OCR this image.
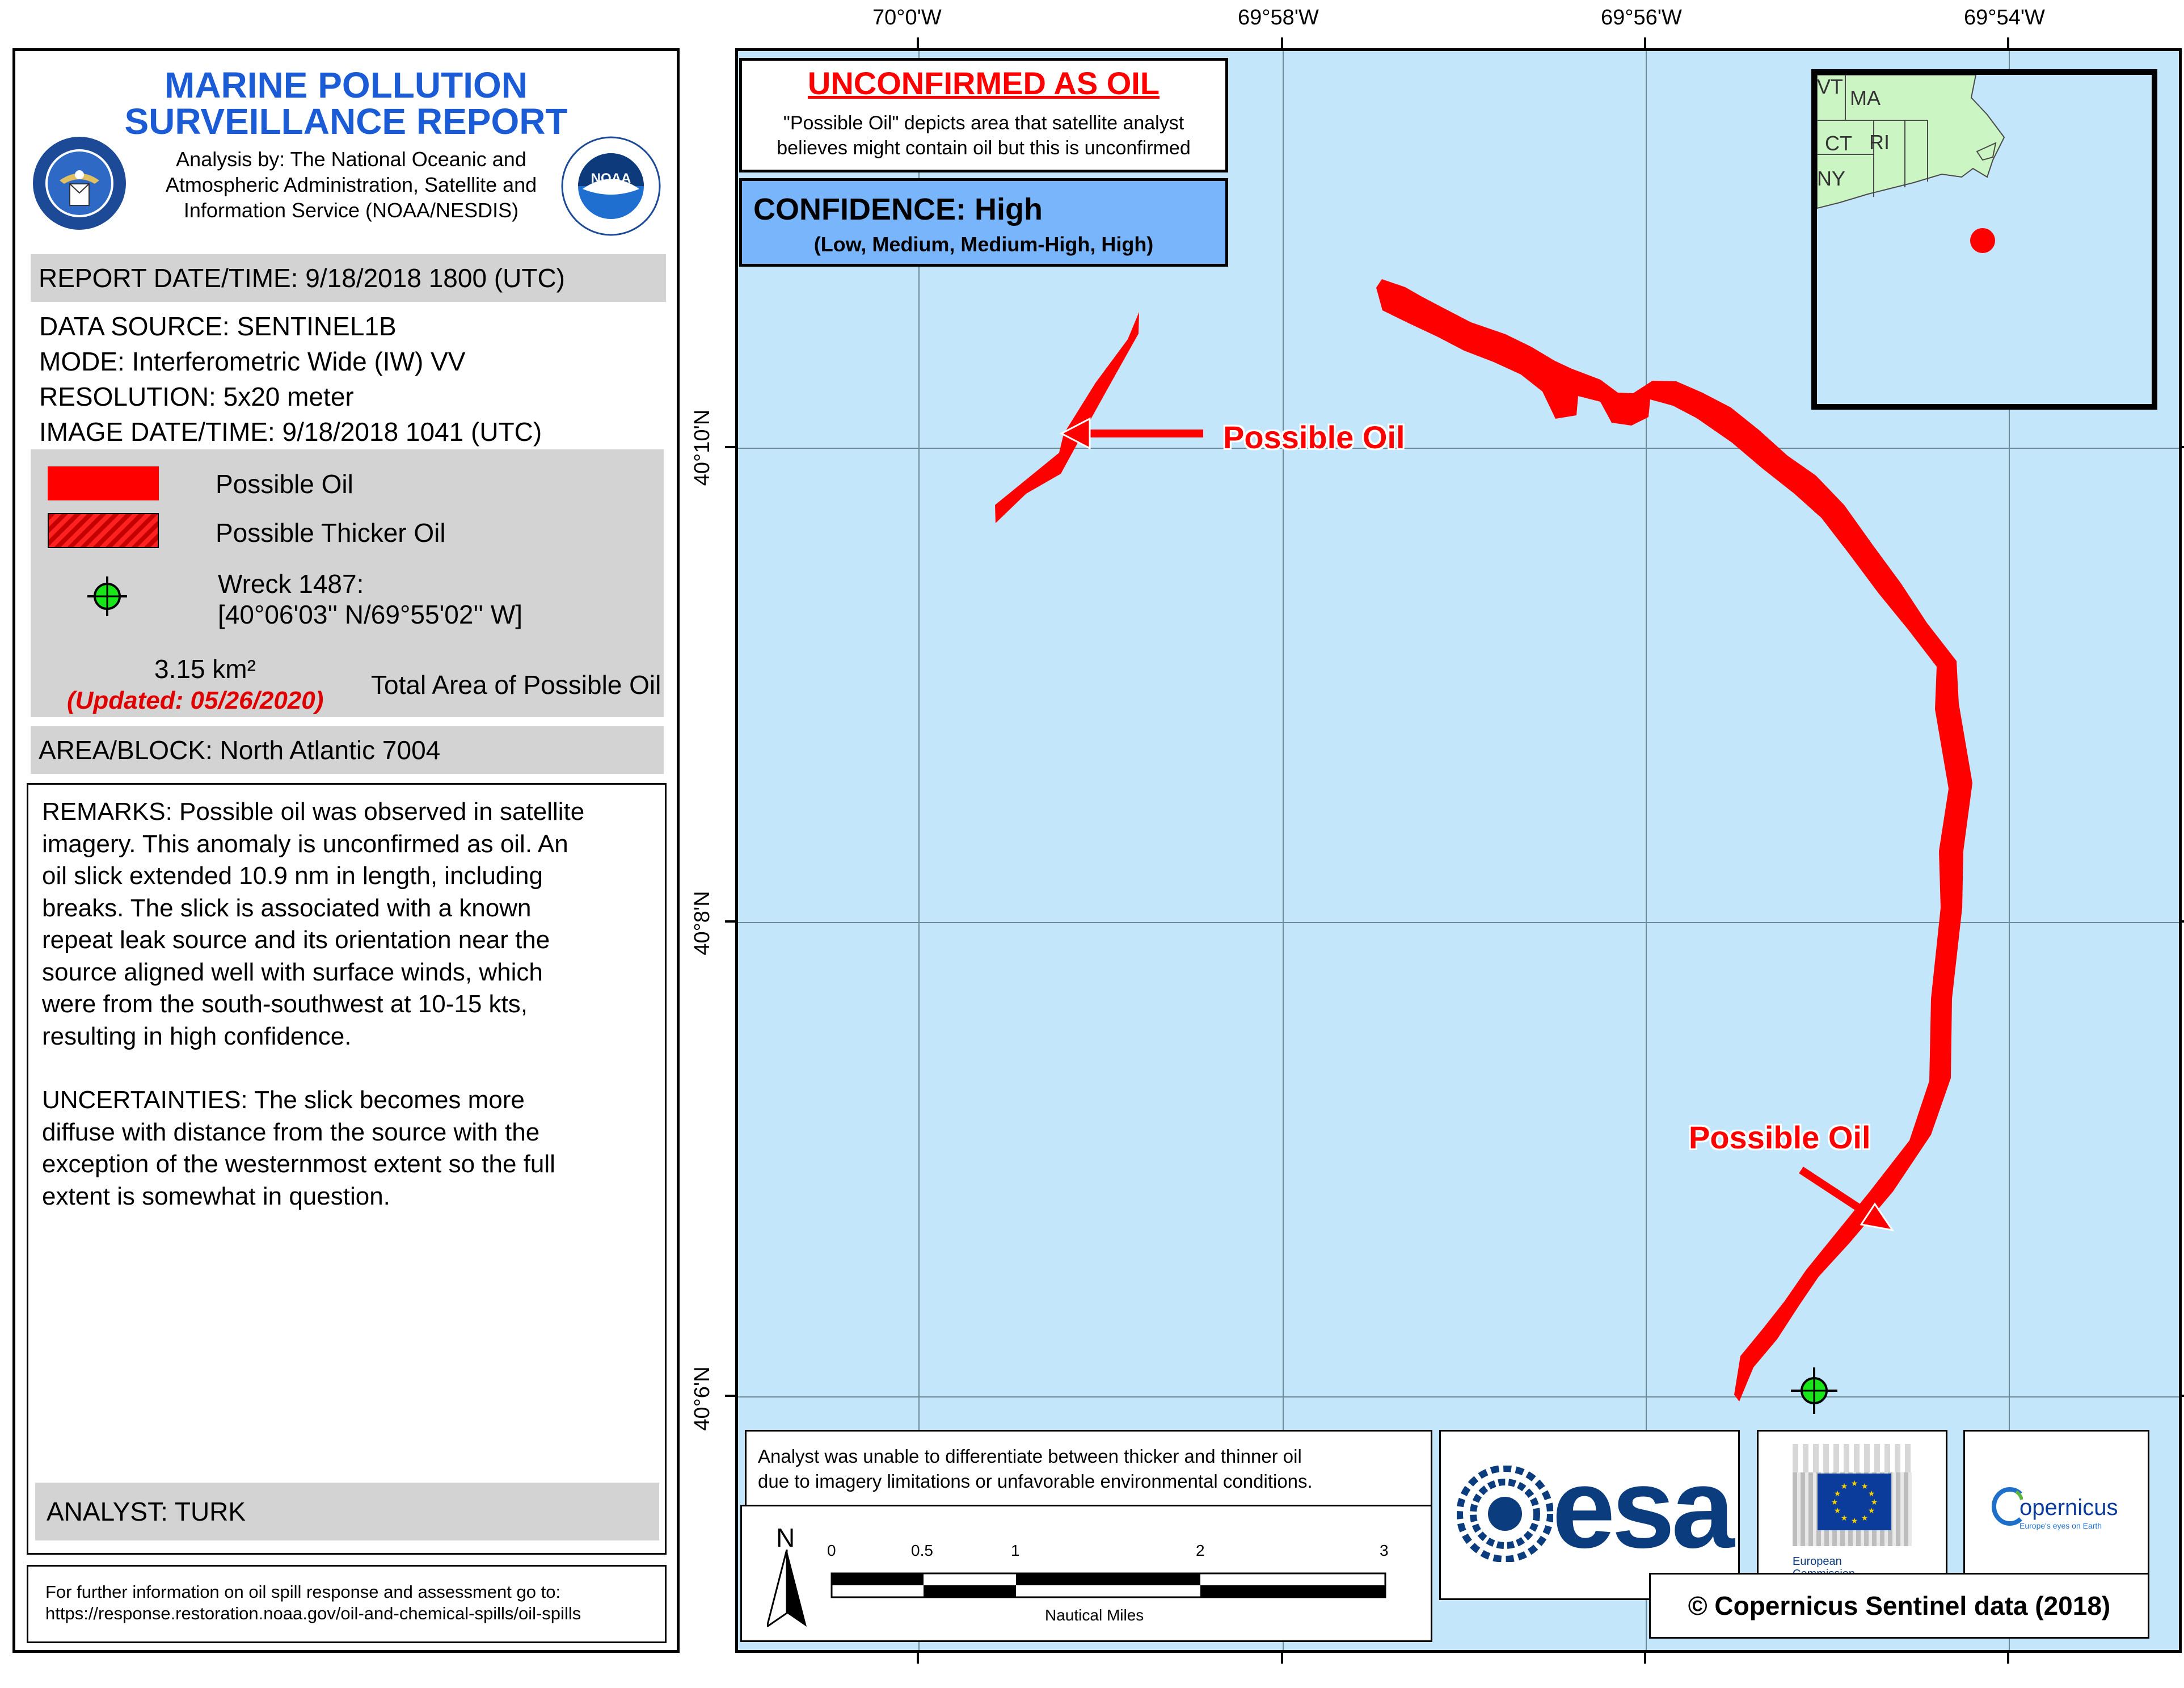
MARINE POLLUTION
SURVEILLANCE REPORT
Analysis by: The National Oceanic and
Atmospheric Administration, Satellite and
Information Service (NOAA/NESDIS)
NOAA
REPORT DATE/TIME: 9/18/2018 1800 (UTC)
DATA SOURCE: SENTINEL1B
MODE: Interferometric Wide (IW) VV
RESOLUTION: 5x20 meter
IMAGE DATE/TIME: 9/18/2018 1041 (UTC)
Possible Oil
Possible Thicker Oil
Wreck 1487:
[40°06'03'' N/69°55'02'' W]
3.15 km²
(Updated: 05/26/2020)
Total Area of Possible Oil
AREA/BLOCK: North Atlantic 7004
REMARKS: Possible oil was observed in satellite
imagery. This anomaly is unconfirmed as oil. An
oil slick extended 10.9 nm in length, including
breaks. The slick is associated with a known
repeat leak source and its orientation near the
source aligned well with surface winds, which
were from the south-southwest at 10-15 kts,
resulting in high confidence.
UNCERTAINTIES: The slick becomes more
diffuse with distance from the source with the
exception of the westernmost extent so the full
extent is somewhat in question.
ANALYST: TURK
For further information on oil spill response and assessment go to:
https://response.restoration.noaa.gov/oil-and-chemical-spills/oil-spills
70°0'W	69°58'W	69°56'W	69°54'W
40°10'N
40°8'N
40°6'N
Possible Oil
Possible Oil
UNCONFIRMED AS OIL
"Possible Oil" depicts area that satellite analyst
believes might contain oil but this is unconfirmed
CONFIDENCE: High
(Low, Medium, Medium-High, High)
VT MA
CT RI
NY
Analyst was unable to differentiate between thicker and thinner oil
due to imagery limitations or unfavorable environmental conditions.
N 0	0.5	1	2	3
Nautical Miles
esa	★ ★
★
★
★
★
★
★
★
★
★
★
European
opernicus
Europe's eyes on Earth
© Copernicus Sentinel data (2018)
